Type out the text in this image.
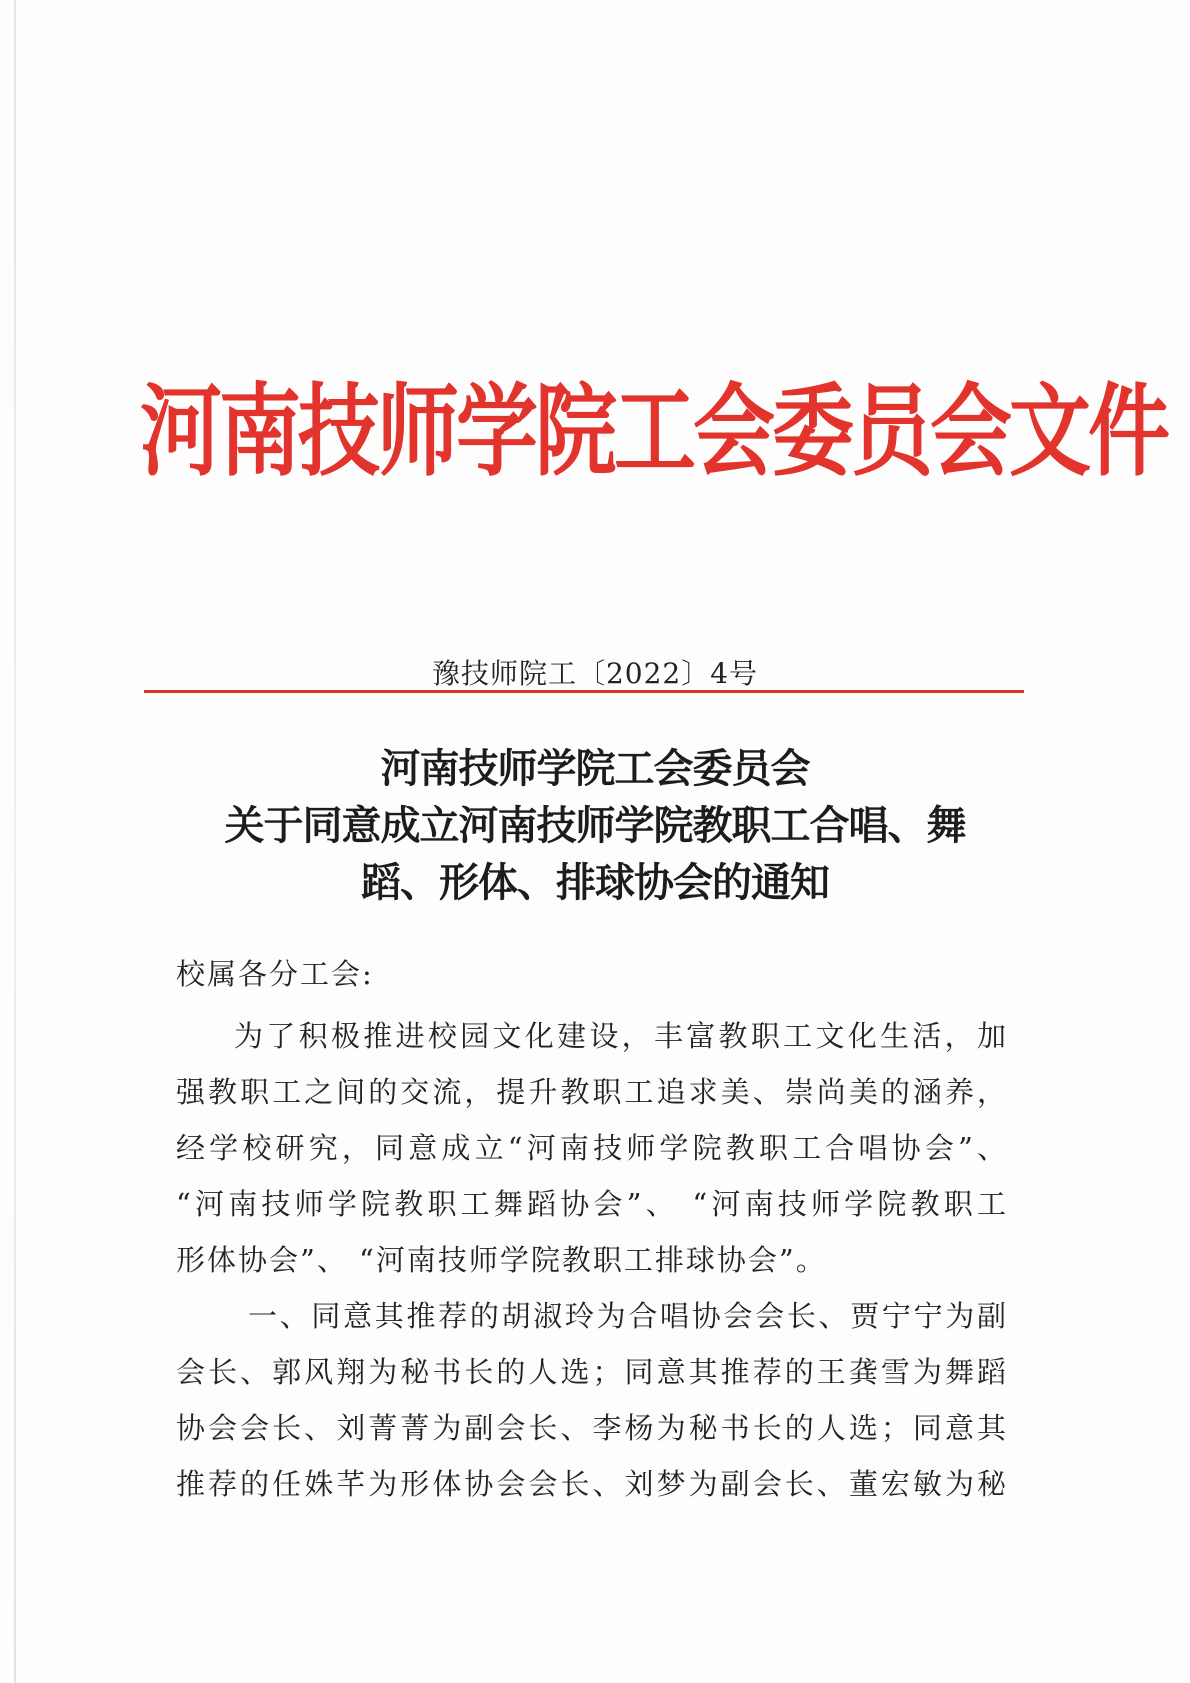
河南技师学院工会委员会文件
豫技师院工〔2022〕4号
河南技师学院工会委员会
关于同意成立河南技师学院教职工合唱、舞
蹈、形体、排球协会的通知
校属各分工会:
为了积极推进校园文化建设，丰富教职工文化生活，加
强教职工之间的交流，提升教职工追求美、崇尚美的涵养，
经学校研究，同意成立“河南技师学院教职工合唱协会”、
“河南技师学院教职工舞蹈协会”、 “河南技师学院教职工
形体协会”、 “河南技师学院教职工排球协会”。
一、同意其推荐的胡淑玲为合唱协会会长、贾宁宁为副
会长、郭风翔为秘书长的人选；同意其推荐的王龚雪为舞蹈
协会会长、刘菁菁为副会长、李杨为秘书长的人选；同意其
推荐的任姝芊为形体协会会长、刘梦为副会长、董宏敏为秘
